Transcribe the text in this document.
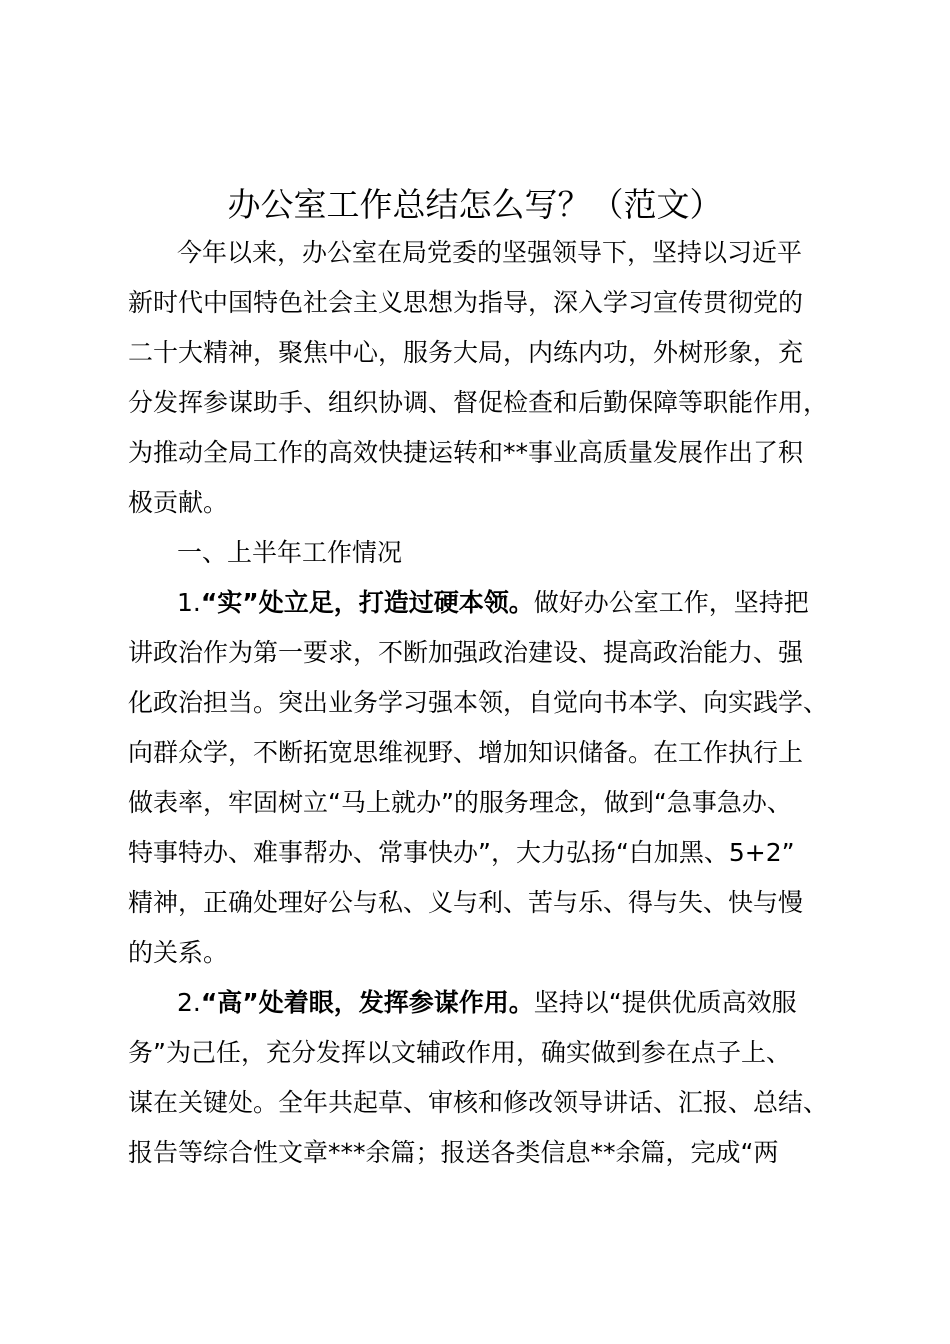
办公室工作总结怎么写？（范文）
今年以来，办公室在局党委的坚强领导下，坚持以习近平
新时代中国特色社会主义思想为指导，深入学习宣传贯彻党的
二十大精神，聚焦中心，服务大局，内练内功，外树形象，充
分发挥参谋助手、组织协调、督促检查和后勤保障等职能作用，
为推动全局工作的高效快捷运转和**事业高质量发展作出了积
极贡献。
一、上半年工作情况
1.“实”处立足，打造过硬本领。做好办公室工作，坚持把
讲政治作为第一要求，不断加强政治建设、提高政治能力、强
化政治担当。突出业务学习强本领，自觉向书本学、向实践学、
向群众学，不断拓宽思维视野、增加知识储备。在工作执行上
做表率，牢固树立“马上就办”的服务理念，做到“急事急办、
特事特办、难事帮办、常事快办”，大力弘扬“白加黑、5+2”
精神，正确处理好公与私、义与利、苦与乐、得与失、快与慢
的关系。
2.“高”处着眼，发挥参谋作用。坚持以“提供优质高效服
务”为己任，充分发挥以文辅政作用，确实做到参在点子上、
谋在关键处。全年共起草、审核和修改领导讲话、汇报、总结、
报告等综合性文章***余篇；报送各类信息**余篇，完成“两
